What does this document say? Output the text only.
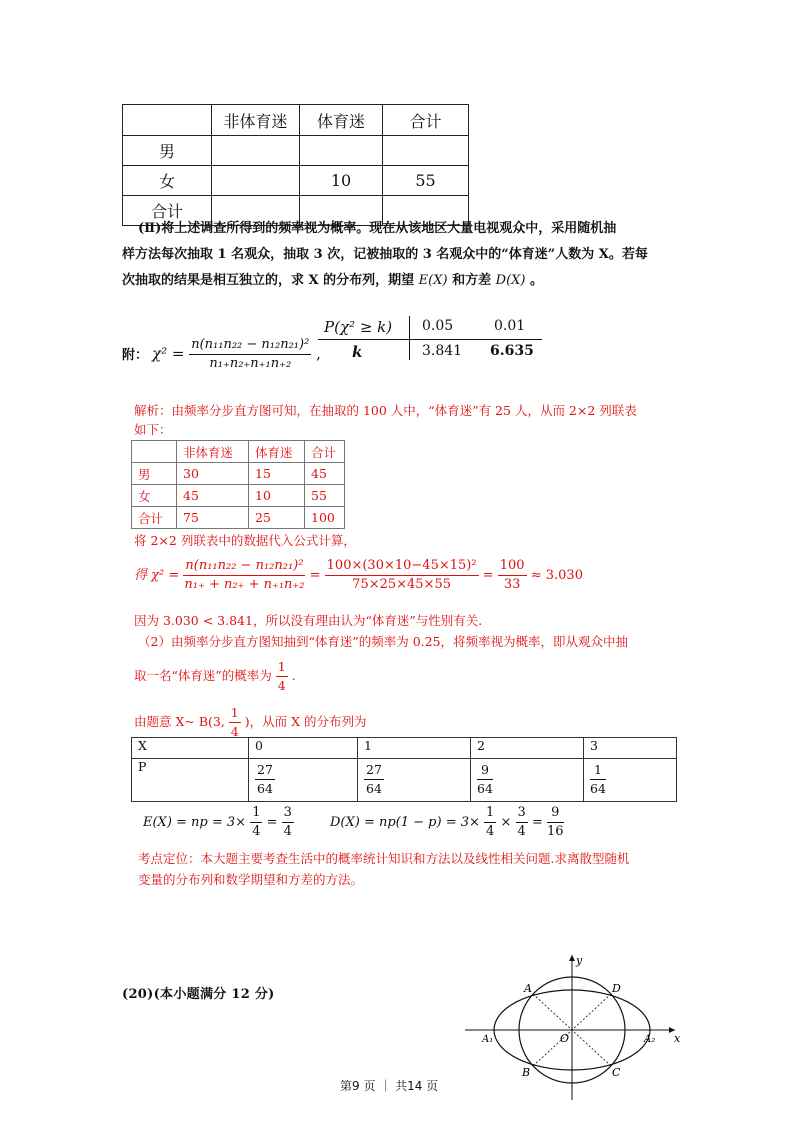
	非体育迷	体育迷	合计
男			
女		10	55
合计			
(Ⅱ)将上述调查所得到的频率视为概率。现在从该地区大量电视观众中，采用随机抽
样方法每次抽取 1 名观众，抽取 3 次，记被抽取的 3 名观众中的“体育迷”人数为 X。若每
次抽取的结果是相互独立的，求 X 的分布列，期望 E(X) 和方差 D(X) 。
附： $\chi^2 = \frac{\text{n(n₁₁n₂₂ − n₁₂n₂₁)²}}{\text{n₁₊n₂₊n₊₁n₊₂}}$ ,
P(χ² ≥ k) 0.05	0.01
k	3.841 6.635
解析：由频率分步直方图可知，在抽取的 100 人中，“体育迷”有 25 人，从而 2×2 列联表
如下：
	非体育迷	体育迷	合计
男	30	15	45
女	45	10	55
合计	75	25	100
将 2×2 列联表中的数据代入公式计算，
得 $\chi^2 = \frac{\text{n(n₁₁n₂₂ − n₁₂n₂₁)²}}{\text{n₁₊ + n₂₊ + n₊₁n₊₂}} = \frac{\text{100×(30×10−45×15)²}}{75\times 25\times 45\times 55} = \frac{100}{33} \approx 3.030$
因为 3.030 < 3.841，所以没有理由认为“体育迷”与性别有关.
（2）由频率分步直方图知抽到“体育迷”的频率为 0.25，将频率视为概率，即从观众中抽
取一名“体育迷”的概率为 $\frac{1}{4}$ .
由题意 X~ B(3, $\frac{1}{4}$ )，从而 X 的分布列为
X	0	1	2	3
P	$\frac{27}{64}$	$\frac{27}{64}$	$\frac{9}{64}$	$\frac{1}{64}$
E(X) = np = $3\times \frac{1}{4} = \frac{3}{4}$	$D(X) = np(1 - p) = 3\times \frac{1}{4} \times \frac{3}{4} = \frac{9}{16}$
考点定位：本大题主要考查生活中的概率统计知识和方法以及线性相关问题.求离散型随机
变量的分布列和数学期望和方差的方法。
(20)(本小题满分 12 分)
y
A	D
A₁	O	A₂ x
B	C
第9 页 ｜ 共14 页
